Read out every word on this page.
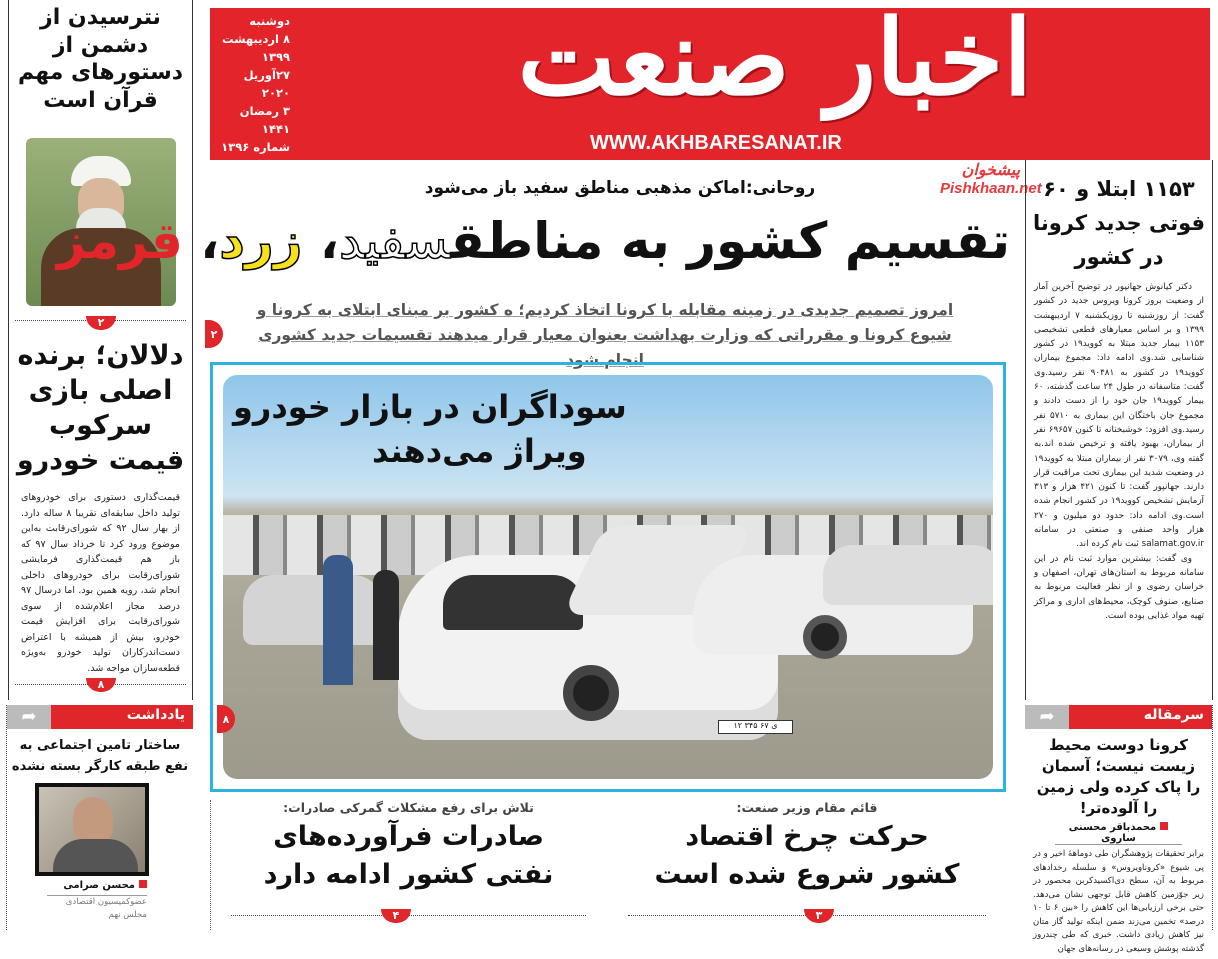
نترسیدن از دشمن از دستورهای مهم قرآن است
۲
دلالان؛ برنده اصلی بازی سرکوب قیمت خودرو
قیمت‌گذاری دستوری برای خودروهای تولید داخل سابقه‌ای تقریبا ۸ ساله دارد. از بهار سال ۹۲ که شورای‌رقابت به‌این موضوع ورود کرد تا خرداد سال ۹۷ که باز هم قیمت‌گذاری فرمایشی شورای‌رقابت برای خودروهای داخلی انجام شد، رویه همین بود. اما درسال ۹۷ درصد مجاز اعلام‌شده از سوی شورای‌رقابت برای افزایش قیمت خودرو، بیش از همیشه با اعتراض دست‌اندرکاران تولید خودرو به‌ویژه قطعه‌سازان مواجه شد.
۸
یادداشت
➦
ساختار تامین اجتماعی به نفع طبقه کارگر بسته نشده
محسن صرامی
عضوکمیسیون اقتصادی مجلس نهم
دوشنبه
۸ اردیبهشت ۱۳۹۹
۲۷آوریل ۲۰۲۰
۳ رمضان ۱۴۴۱
شماره ۱۳۹۶
۸ صفحه
۲۰۰۰ تومان
اخبار صنعت
WWW.AKHBARESANAT.IR
پیشخوان
Pishkhaan.net
روحانی:اماکن مذهبی مناطق سفید باز می‌شود
تقسیم کشور به مناطقسفید، زرد، قرمز
امروز تصمیم جدیدی در زمینه مقابله با کرونا اتخاذ کردیم؛ ه کشور بر مبنای ابتلای به کرونا و شیوع کرونا و مقرراتی که وزارت بهداشت بعنوان معیار قرار میدهند تقسیمات جدید کشوری انجام شود
۲
۱۲ ۳۴۵ ی ۶۷
سوداگران در بازار خودرو
ویراژ می‌دهند
۸
تلاش برای رفع مشکلات گمرکی صادرات:
صادرات فرآورده‌های نفتی کشور ادامه دارد
۴
قائم مقام وزیر صنعت:
حرکت چرخ اقتصاد کشور شروع شده است
۳
۱۱۵۳ ابتلا و ۶۰ فوتی جدید کرونا در کشور
دکتر کیانوش جهانپور در توضیح آخرین آمار از وضعیت بروز کرونا ویروس جدید در کشور گفت: از روزشنبه تا روزیکشنبه ۷ اردیبهشت ۱۳۹۹ و بر اساس معیارهای قطعی تشخیصی ۱۱۵۳ بیمار جدید مبتلا به کووید۱۹ در کشور شناسایی شد.وی ادامه داد: مجموع بیماران کووید۱۹ در کشور به ۹۰۴۸۱ نفر رسید.وی گفت: متاسفانه در طول ۲۴ ساعت گذشته، ۶۰ بیمار کووید۱۹ جان خود را از دست دادند و مجموع جان باختگان این بیماری به ۵۷۱۰ نفر رسید.وی افزود: خوشبختانه تا کنون ۶۹۶۵۷ نفر از بیماران، بهبود یافته و ترخیص شده اند.به گفته وی، ۳۰۷۹ نفر از بیماران مبتلا به کووید۱۹ در وضعیت شدید این بیماری تحت مراقبت قرار دارند. جهانپور گفت: تا کنون ۴۲۱ هزار و ۳۱۳ آزمایش تشخیص کووید۱۹ در کشور انجام شده است.وی ادامه داد: حدود دو میلیون و ۲۷۰ هزار واحد صنفی و صنعتی در سامانه salamat.gov.ir ثبت نام کرده اند.
وی گفت: بیشترین موارد ثبت نام در این سامانه مربوط به استان‌های تهران، اصفهان و خراسان رضوی و از نظر فعالیت مربوط به صنایع، صنوف کوچک، محیط‌های اداری و مراکز تهیه مواد غذایی بوده است.
سرمقاله
➦
کرونا دوست محیط زیست نیست؛ آسمان را پاک کرده ولی زمین را آلوده‌تر!
محمدباقر محسنی ساروی
برابر تحقیقات پژوهشگران طی دوماهۀ اخیر و در پی شیوع «کروناویروس» و سلسله رخدادهای مربوط به آن، سطح دی‌اکسیدکربن محصور در زیر جوّزمین کاهش قابل توجهی نشان می‌دهد. حتی برخی ارزیابی‌ها این کاهش را «بین ۶ تا ۱۰ درصد» تخمین می‌زند ضمن اینکه تولید گاز متان نیز کاهش زیادی داشت. خبری که طی چندروز گذشته پوشش وسیعی در رسانه‌های جهان
